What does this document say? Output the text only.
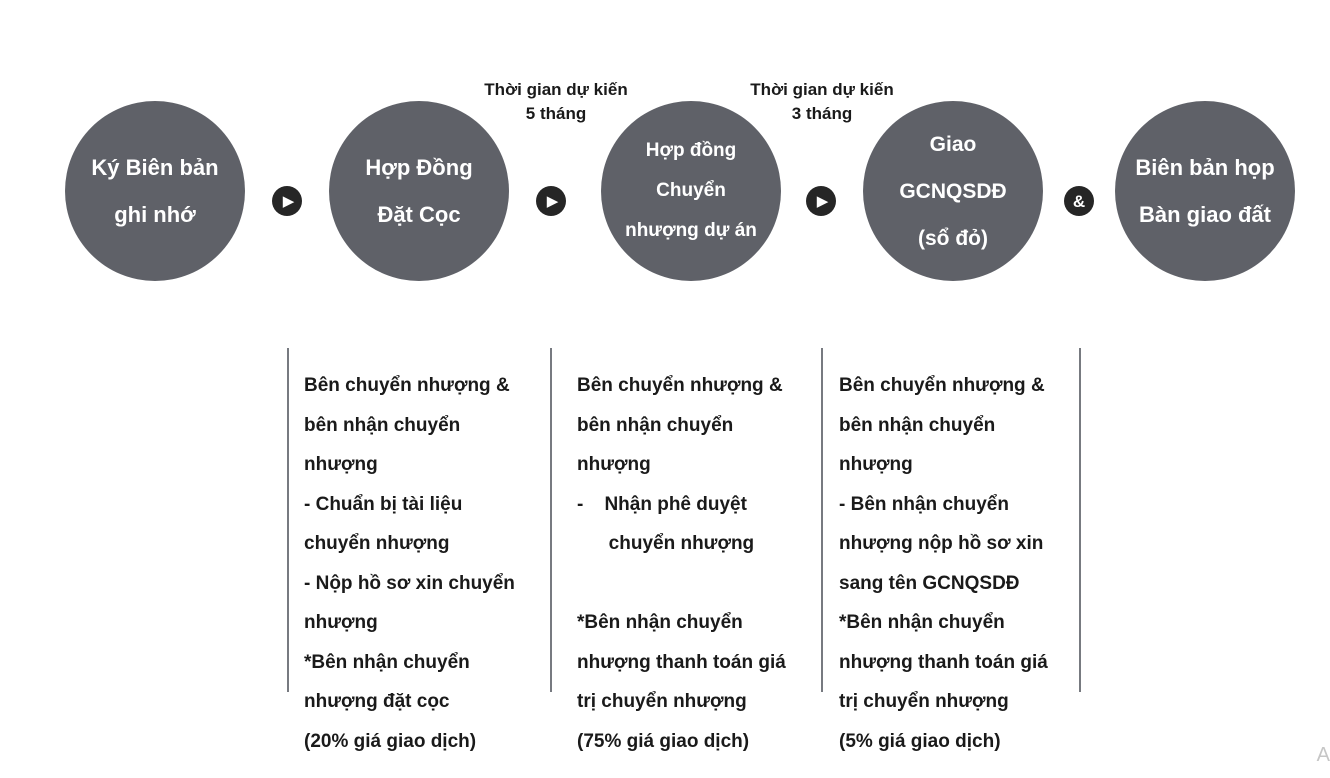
Ký Biên bản
ghi nhớ
Hợp Đồng
Đặt Cọc
Hợp đồng
Chuyển
nhượng dự án
Giao
GCNQSDĐ
(sổ đỏ)
Biên bản họp
Bàn giao đất
▶	▶	▶	&
Thời gian dự kiến
5 tháng
Thời gian dự kiến
3 tháng

Bên chuyển nhượng &

bên nhận chuyển

nhượng

- Chuẩn bị tài liệu

chuyển nhượng

- Nộp hồ sơ xin chuyển

nhượng

*Bên nhận chuyển

nhượng đặt cọc

(20% giá giao dịch)

Bên chuyển nhượng &

bên nhận chuyển

nhượng

-    Nhận phê duyệt

chuyển nhượng

*Bên nhận chuyển

nhượng thanh toán giá

trị chuyển nhượng

(75% giá giao dịch)

Bên chuyển nhượng &

bên nhận chuyển

nhượng

- Bên nhận chuyển

nhượng nộp hồ sơ xin

sang tên GCNQSDĐ

*Bên nhận chuyển

nhượng thanh toán giá

trị chuyển nhượng

(5% giá giao dịch)

A
